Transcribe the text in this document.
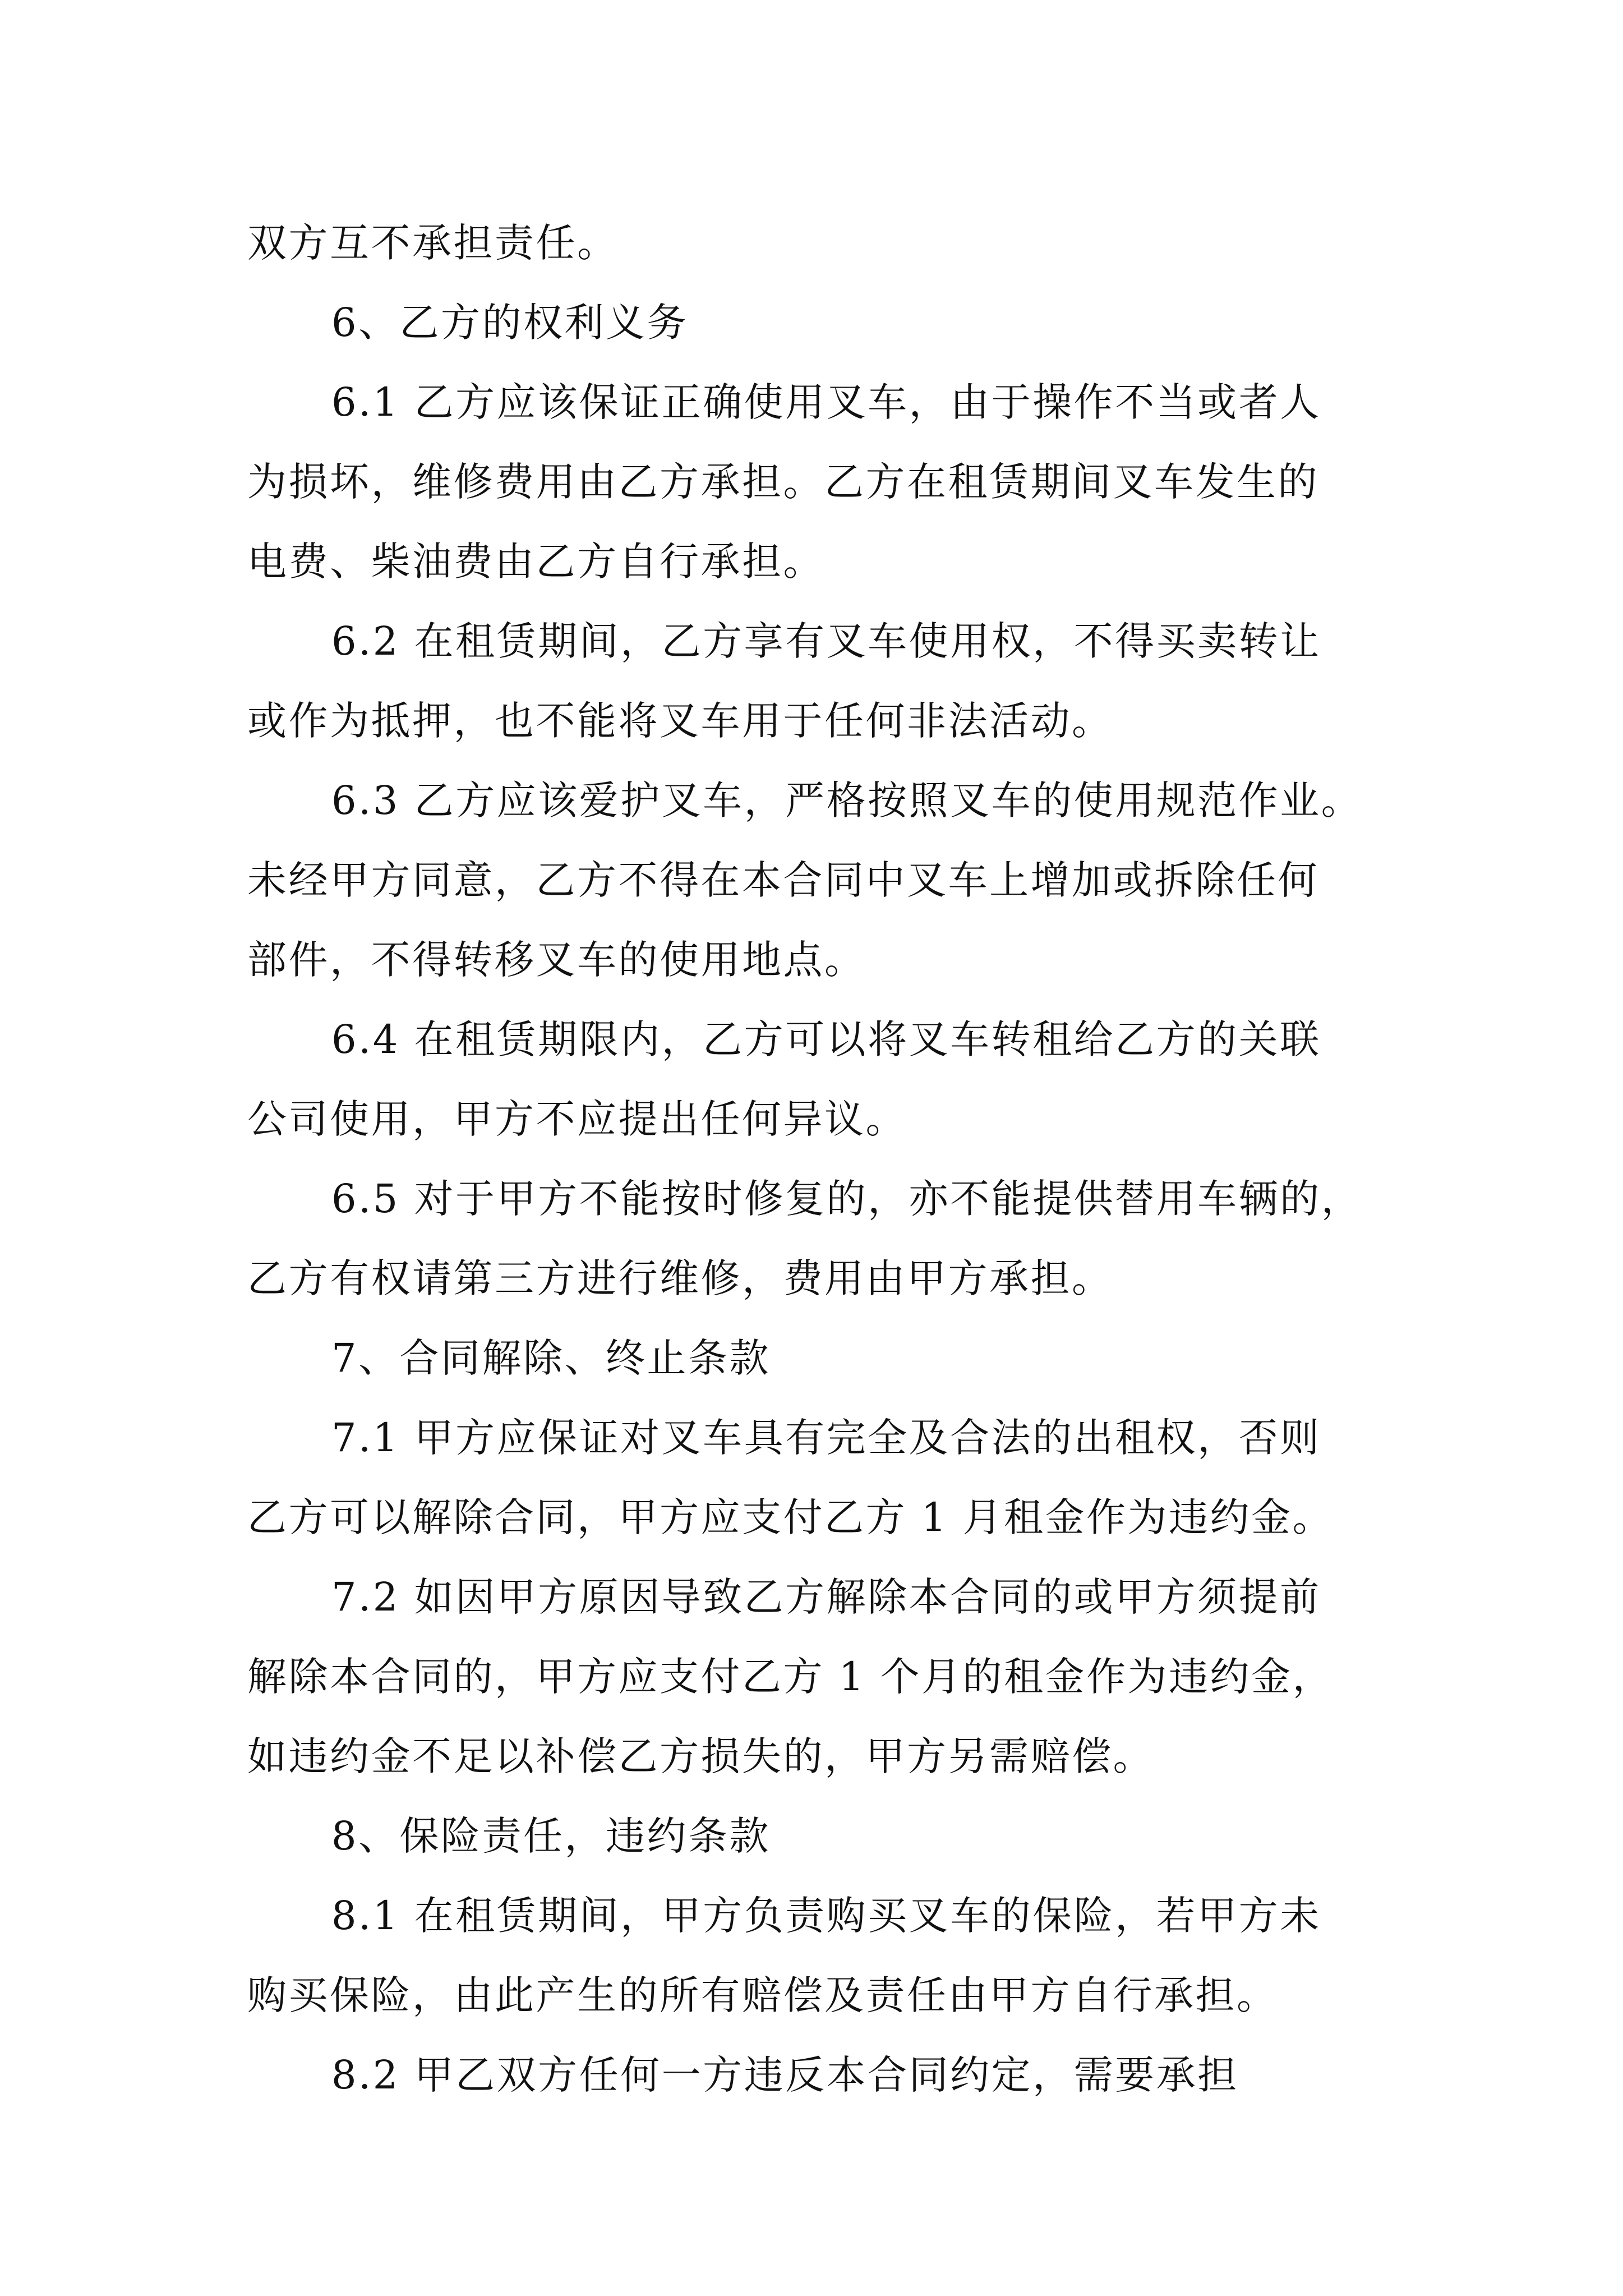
双方互不承担责任。
6、乙方的权利义务
6.1 乙方应该保证正确使用叉车，由于操作不当或者人
为损坏，维修费用由乙方承担。乙方在租赁期间叉车发生的
电费、柴油费由乙方自行承担。
6.2 在租赁期间，乙方享有叉车使用权，不得买卖转让
或作为抵押，也不能将叉车用于任何非法活动。
6.3 乙方应该爱护叉车，严格按照叉车的使用规范作业。
未经甲方同意，乙方不得在本合同中叉车上增加或拆除任何
部件，不得转移叉车的使用地点。
6.4 在租赁期限内，乙方可以将叉车转租给乙方的关联
公司使用，甲方不应提出任何异议。
6.5 对于甲方不能按时修复的，亦不能提供替用车辆的，
乙方有权请第三方进行维修，费用由甲方承担。
7、合同解除、终止条款
7.1 甲方应保证对叉车具有完全及合法的出租权，否则
乙方可以解除合同，甲方应支付乙方 1 月租金作为违约金。
7.2 如因甲方原因导致乙方解除本合同的或甲方须提前
解除本合同的，甲方应支付乙方 1 个月的租金作为违约金，
如违约金不足以补偿乙方损失的，甲方另需赔偿。
8、保险责任，违约条款
8.1 在租赁期间，甲方负责购买叉车的保险，若甲方未
购买保险，由此产生的所有赔偿及责任由甲方自行承担。
8.2 甲乙双方任何一方违反本合同约定，需要承担
